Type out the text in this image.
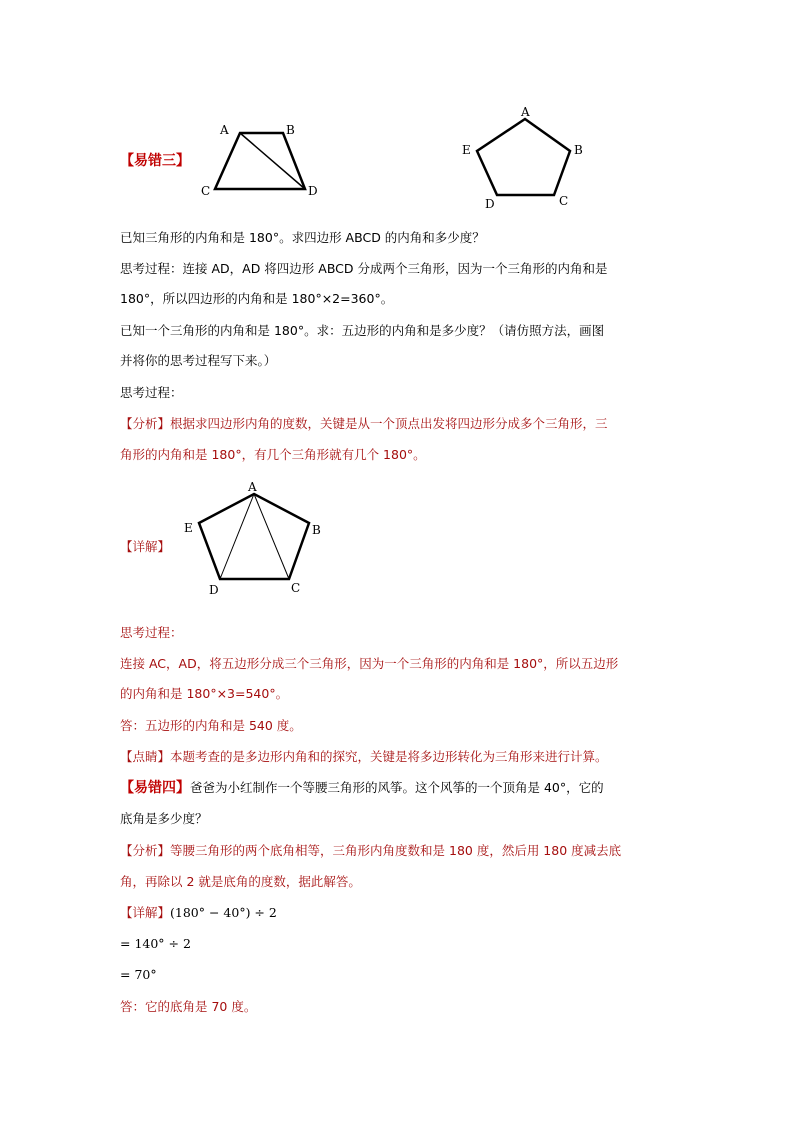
【易错三】
A	B
C	D
A
B
C
D
E
已知三角形的内角和是 180°。求四边形 ABCD 的内角和多少度？
思考过程：连接 AD，AD 将四边形 ABCD 分成两个三角形，因为一个三角形的内角和是
180°，所以四边形的内角和是 180°×2=360°。
已知一个三角形的内角和是 180°。求：五边形的内角和是多少度？（请仿照方法，画图
并将你的思考过程写下来。）
思考过程：
【分析】根据求四边形内角的度数，关键是从一个顶点出发将四边形分成多个三角形，三
角形的内角和是 180°，有几个三角形就有几个 180°。
【详解】
A
B
C
D
E
思考过程：
连接 AC，AD，将五边形分成三个三角形，因为一个三角形的内角和是 180°，所以五边形
的内角和是 180°×3=540°。
答：五边形的内角和是 540 度。
【点睛】本题考查的是多边形内角和的探究，关键是将多边形转化为三角形来进行计算。
【易错四】爸爸为小红制作一个等腰三角形的风筝。这个风筝的一个顶角是 40°，它的
底角是多少度？
【分析】等腰三角形的两个底角相等，三角形内角度数和是 180 度，然后用 180 度减去底
角，再除以 2 就是底角的度数，据此解答。
【详解】(180° − 40°) ÷ 2
= 140° ÷ 2
= 70°
答：它的底角是 70 度。
